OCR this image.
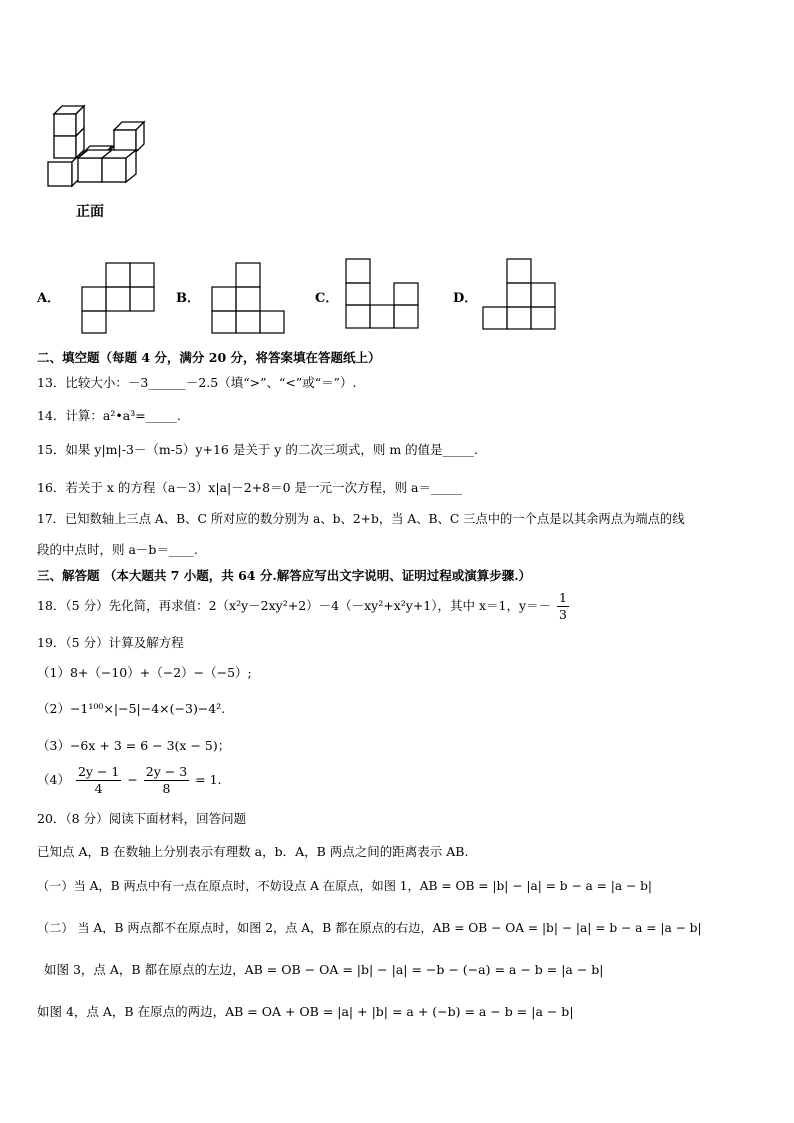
正面
A．	B．	C．	D．
二、填空题（每题 4 分，满分 20 分，将答案填在答题纸上）
13．比较大小：－3______－2.5（填“>”、“<”或“＝”）.
14．计算：a²•a³=_____.
15．如果 y|m|-3－（m-5）y+16 是关于 y 的二次三项式，则 m 的值是_____.
16．若关于 x 的方程（a－3）x|a|－2+8＝0 是一元一次方程，则 a＝_____
17．已知数轴上三点 A、B、C 所对应的数分别为 a、b、2+b，当 A、B、C 三点中的一个点是以其余两点为端点的线
段的中点时，则 a－b＝____.
三、解答题 （本大题共 7 小题，共 64 分.解答应写出文字说明、证明过程或演算步骤.）
18．（5 分）先化简，再求值：2（x²y－2xy²+2）－4（－xy²+x²y+1），其中 x＝1，$y=- \frac{1}{3}$
19．（5 分）计算及解方程
（1）8+（−10）+（−2）−（−5）;
（2）−1¹⁰⁰×|−5|−4×(−3)−4².
（3）−6x + 3 = 6 − 3(x − 5)；
$(4) \frac{2y - 1}{4} - \frac{2y - 3}{8} = 1$.
20．（8 分）阅读下面材料，回答问题
已知点 A，B 在数轴上分别表示有理数 a，b．A，B 两点之间的距离表示 AB.
（一）当 A，B 两点中有一点在原点时，不妨设点 A 在原点，如图 1，AB = OB = |b| − |a| = b − a = |a − b|
（二） 当 A，B 两点都不在原点时，如图 2，点 A，B 都在原点的右边，AB = OB − OA = |b| − |a| = b − a = |a − b|
如图 3，点 A，B 都在原点的左边，AB = OB − OA = |b| − |a| = −b − (−a) = a − b = |a − b|
如图 4，点 A，B 在原点的两边，AB = OA + OB = |a| + |b| = a + (−b) = a − b = |a − b|
